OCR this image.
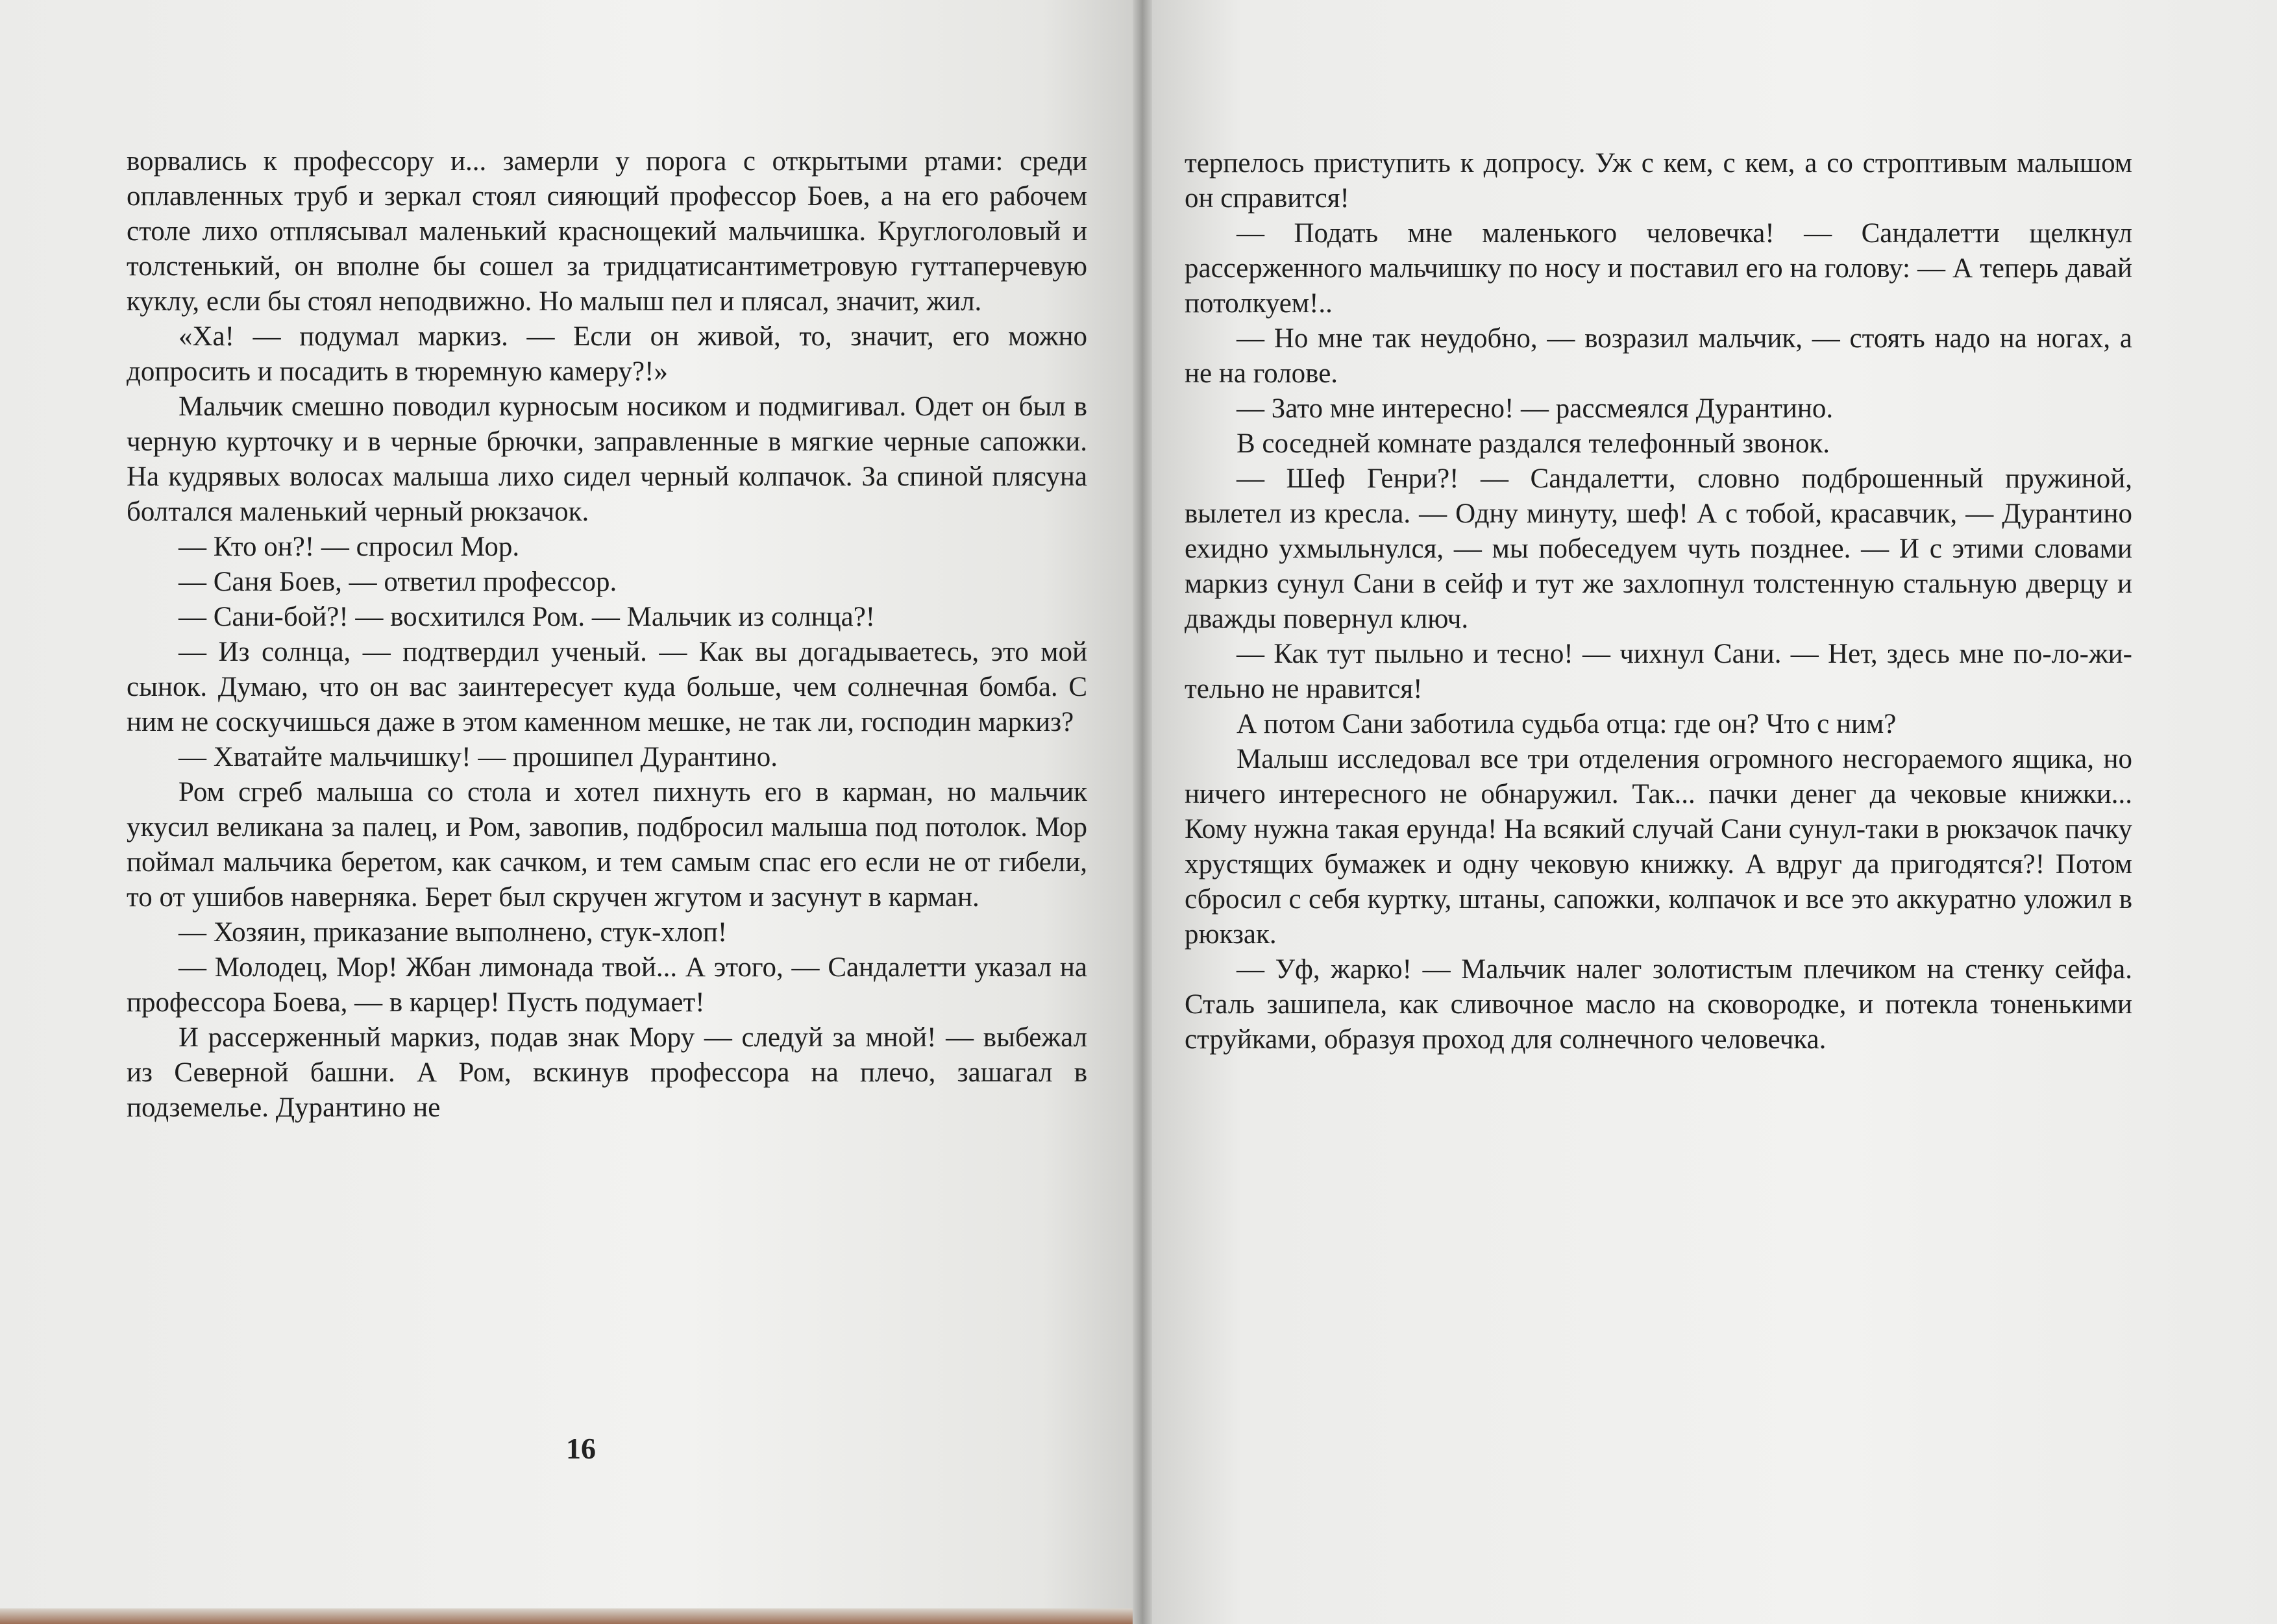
ворвались к профессору и... замерли у порога с открытыми ртами: среди оплавленных труб и зеркал стоял сияющий профессор Боев, а на его рабочем столе лихо отплясывал маленький краснощекий мальчишка. Круглоголовый и толстенький, он вполне бы сошел за тридцатисантиметровую гуттаперчевую куклу, если бы стоял неподвижно. Но малыш пел и плясал, значит, жил.

«Ха! — подумал маркиз. — Если он живой, то, значит, его можно допросить и посадить в тюремную камеру?!»

Мальчик смешно поводил курносым носиком и подмигивал. Одет он был в черную курточку и в черные брючки, заправленные в мягкие черные сапожки. На кудрявых волосах малыша лихо сидел черный колпачок. За спиной плясуна болтался маленький черный рюкзачок.

— Кто он?! — спросил Мор.

— Саня Боев, — ответил профессор.

— Сани-бой?! — восхитился Ром. — Мальчик из солнца?!

— Из солнца, — подтвердил ученый. — Как вы догадываетесь, это мой сынок. Думаю, что он вас заинтересует куда больше, чем солнечная бомба. С ним не соскучишься даже в этом каменном мешке, не так ли, господин маркиз?

— Хватайте мальчишку! — прошипел Дурантино.

Ром сгреб малыша со стола и хотел пихнуть его в карман, но мальчик укусил великана за палец, и Ром, завопив, подбросил малыша под потолок. Мор поймал мальчика беретом, как сачком, и тем самым спас его если не от гибели, то от ушибов наверняка. Берет был скручен жгутом и засунут в карман.

— Хозяин, приказание выполнено, стук-хлоп!

— Молодец, Мор! Жбан лимонада твой... А этого, — Сандалетти указал на профессора Боева, — в карцер! Пусть подумает!

И рассерженный маркиз, подав знак Мору — следуй за мной! — выбежал из Северной башни. А Ром, вскинув профессора на плечо, зашагал в подземелье. Дурантино не

16

терпелось приступить к допросу. Уж с кем, с кем, а со строптивым малышом он справится!

— Подать мне маленького человечка! — Сандалетти щелкнул рассерженного мальчишку по носу и поставил его на голову: — А теперь давай потолкуем!..

— Но мне так неудобно, — возразил мальчик, — стоять надо на ногах, а не на голове.

— Зато мне интересно! — рассмеялся Дурантино.

В соседней комнате раздался телефонный звонок.

— Шеф Генри?! — Сандалетти, словно подброшенный пружиной, вылетел из кресла. — Одну минуту, шеф! А с тобой, красавчик, — Дурантино ехидно ухмыльнулся, — мы побеседуем чуть позднее. — И с этими словами маркиз сунул Сани в сейф и тут же захлопнул толстенную стальную дверцу и дважды повернул ключ.

— Как тут пыльно и тесно! — чихнул Сани. — Нет, здесь мне по-ло-жи-тельно не нравится!

А потом Сани заботила судьба отца: где он? Что с ним?

Малыш исследовал все три отделения огромного несгораемого ящика, но ничего интересного не обнаружил. Так... пачки денег да чековые книжки... Кому нужна такая ерунда! На всякий случай Сани сунул-таки в рюкзачок пачку хрустящих бумажек и одну чековую книжку. А вдруг да пригодятся?! Потом сбросил с себя куртку, штаны, сапожки, колпачок и все это аккуратно уложил в рюкзак.

— Уф, жарко! — Мальчик налег золотистым плечиком на стенку сейфа. Сталь зашипела, как сливочное масло на сковородке, и потекла тоненькими струйками, образуя проход для солнечного человечка.
